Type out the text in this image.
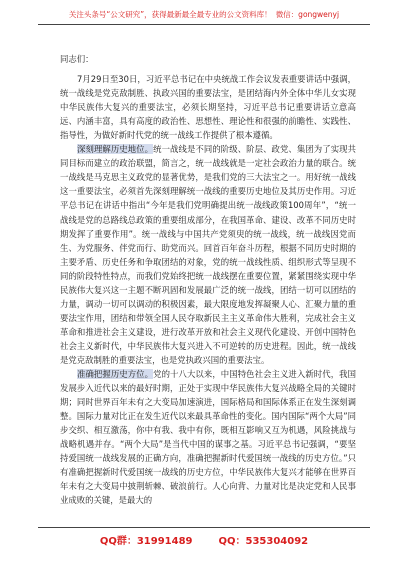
关注头条号“公文研究”，获得最新最全最专业的公文资料库！ 微信：gongwenyj

同志们：

7月29日至30日，习近平总书记在中央统战工作会议发表重要讲话中强调，统一战线是党克敌制胜、执政兴国的重要法宝，是团结海内外全体中华儿女实现中华民族伟大复兴的重要法宝，必须长期坚持，习近平总书记重要讲话立意高远、内涵丰富，具有高度的政治性、思想性、理论性和很强的前瞻性、实践性、指导性，为做好新时代党的统一战线工作提供了根本遵循。

深刻理解历史地位。统一战线是不同的阶级、阶层、政党、集团为了实现共同目标而建立的政治联盟，简言之，统一战线就是一定社会政治力量的联合。统一战线是马克思主义政党的显著优势，是我们党的三大法宝之一。用好统一战线这一重要法宝，必须首先深刻理解统一战线的重要历史地位及其历史作用。习近平总书记在讲话中指出“今年是我们党明确提出统一战线政策100周年”，“统一战线是党的总路线总政策的重要组成部分，在我国革命、建设、改革不同历史时期发挥了重要作用”。统一战线与中国共产党须臾的统一战线，统一战线因党而生、为党服务、伴党而行、助党而兴。回首百年奋斗历程，根据不同历史时期的主要矛盾、历史任务和争取团结的对象，党的统一战线性质、组织形式等呈现不同的阶段特性特点，而我们党始终把统一战线摆在重要位置，紧紧围绕实现中华民族伟大复兴这一主题不断巩固和发展最广泛的统一战线，团结一切可以团结的力量，调动一切可以调动的积极因素，最大限度地发挥凝聚人心、汇聚力量的重要法宝作用，团结和带领全国人民夺取新民主主义革命伟大胜利，完成社会主义革命和推进社会主义建设，进行改革开放和社会主义现代化建设、开创中国特色社会主义新时代，中华民族伟大复兴进入不可逆转的历史进程。因此，统一战线是党克敌制胜的重要法宝，也是党执政兴国的重要法宝。

准确把握历史方位。党的十八大以来，中国特色社会主义进入新时代，我国发展步入近代以来的最好时期，正处于实现中华民族伟大复兴战略全局的关键时期；同时世界百年未有之大变局加速演进，国际格局和国际体系正在发生深刻调整。国际力量对比正在发生近代以来最具革命性的变化。国内国际“两个大局”同步交织、相互激荡，你中有我、我中有你，既相互影响又互为机遇，风险挑战与战略机遇并存。“两个大局”是当代中国的谋事之基。习近平总书记强调，“要坚持爱国统一战线发展的正确方向，准确把握新时代爱国统一战线的历史方位。”只有准确把握新时代爱国统一战线的历史方位，中华民族伟大复兴才能够在世界百年未有之大变局中披荆斩棘、破浪前行。人心向背、力量对比是决定党和人民事业成败的关键，是最大的

QQ群：31991489	QQ：535304092
